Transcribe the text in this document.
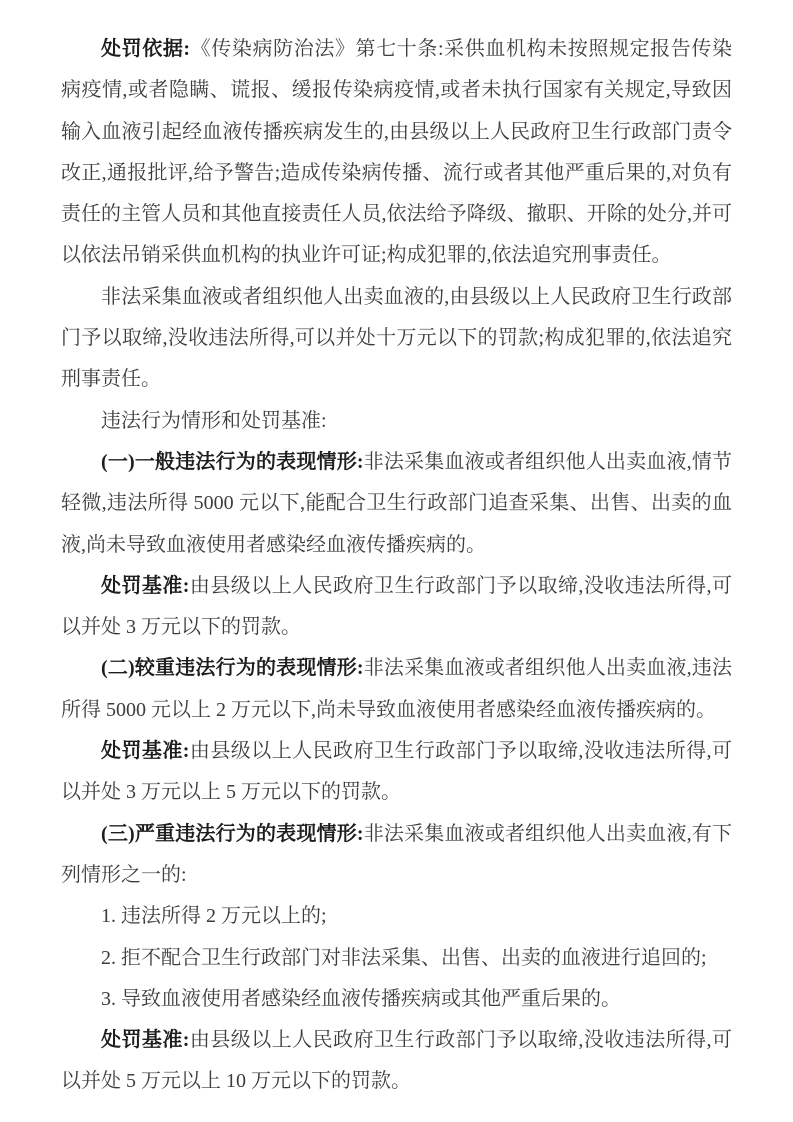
处罚依据:《传染病防治法》第七十条:采供血机构未按照规定报告传染病疫情,或者隐瞒、谎报、缓报传染病疫情,或者未执行国家有关规定,导致因输入血液引起经血液传播疾病发生的,由县级以上人民政府卫生行政部门责令改正,通报批评,给予警告;造成传染病传播、流行或者其他严重后果的,对负有责任的主管人员和其他直接责任人员,依法给予降级、撤职、开除的处分,并可以依法吊销采供血机构的执业许可证;构成犯罪的,依法追究刑事责任。

非法采集血液或者组织他人出卖血液的,由县级以上人民政府卫生行政部门予以取缔,没收违法所得,可以并处十万元以下的罚款;构成犯罪的,依法追究刑事责任。

违法行为情形和处罚基准:

(一)一般违法行为的表现情形:非法采集血液或者组织他人出卖血液,情节轻微,违法所得 5000 元以下,能配合卫生行政部门追查采集、出售、出卖的血液,尚未导致血液使用者感染经血液传播疾病的。

处罚基准:由县级以上人民政府卫生行政部门予以取缔,没收违法所得,可以并处 3 万元以下的罚款。

(二)较重违法行为的表现情形:非法采集血液或者组织他人出卖血液,违法所得 5000 元以上 2 万元以下,尚未导致血液使用者感染经血液传播疾病的。

处罚基准:由县级以上人民政府卫生行政部门予以取缔,没收违法所得,可以并处 3 万元以上 5 万元以下的罚款。

(三)严重违法行为的表现情形:非法采集血液或者组织他人出卖血液,有下列情形之一的:

1. 违法所得 2 万元以上的;

2. 拒不配合卫生行政部门对非法采集、出售、出卖的血液进行追回的;

3. 导致血液使用者感染经血液传播疾病或其他严重后果的。

处罚基准:由县级以上人民政府卫生行政部门予以取缔,没收违法所得,可以并处 5 万元以上 10 万元以下的罚款。
